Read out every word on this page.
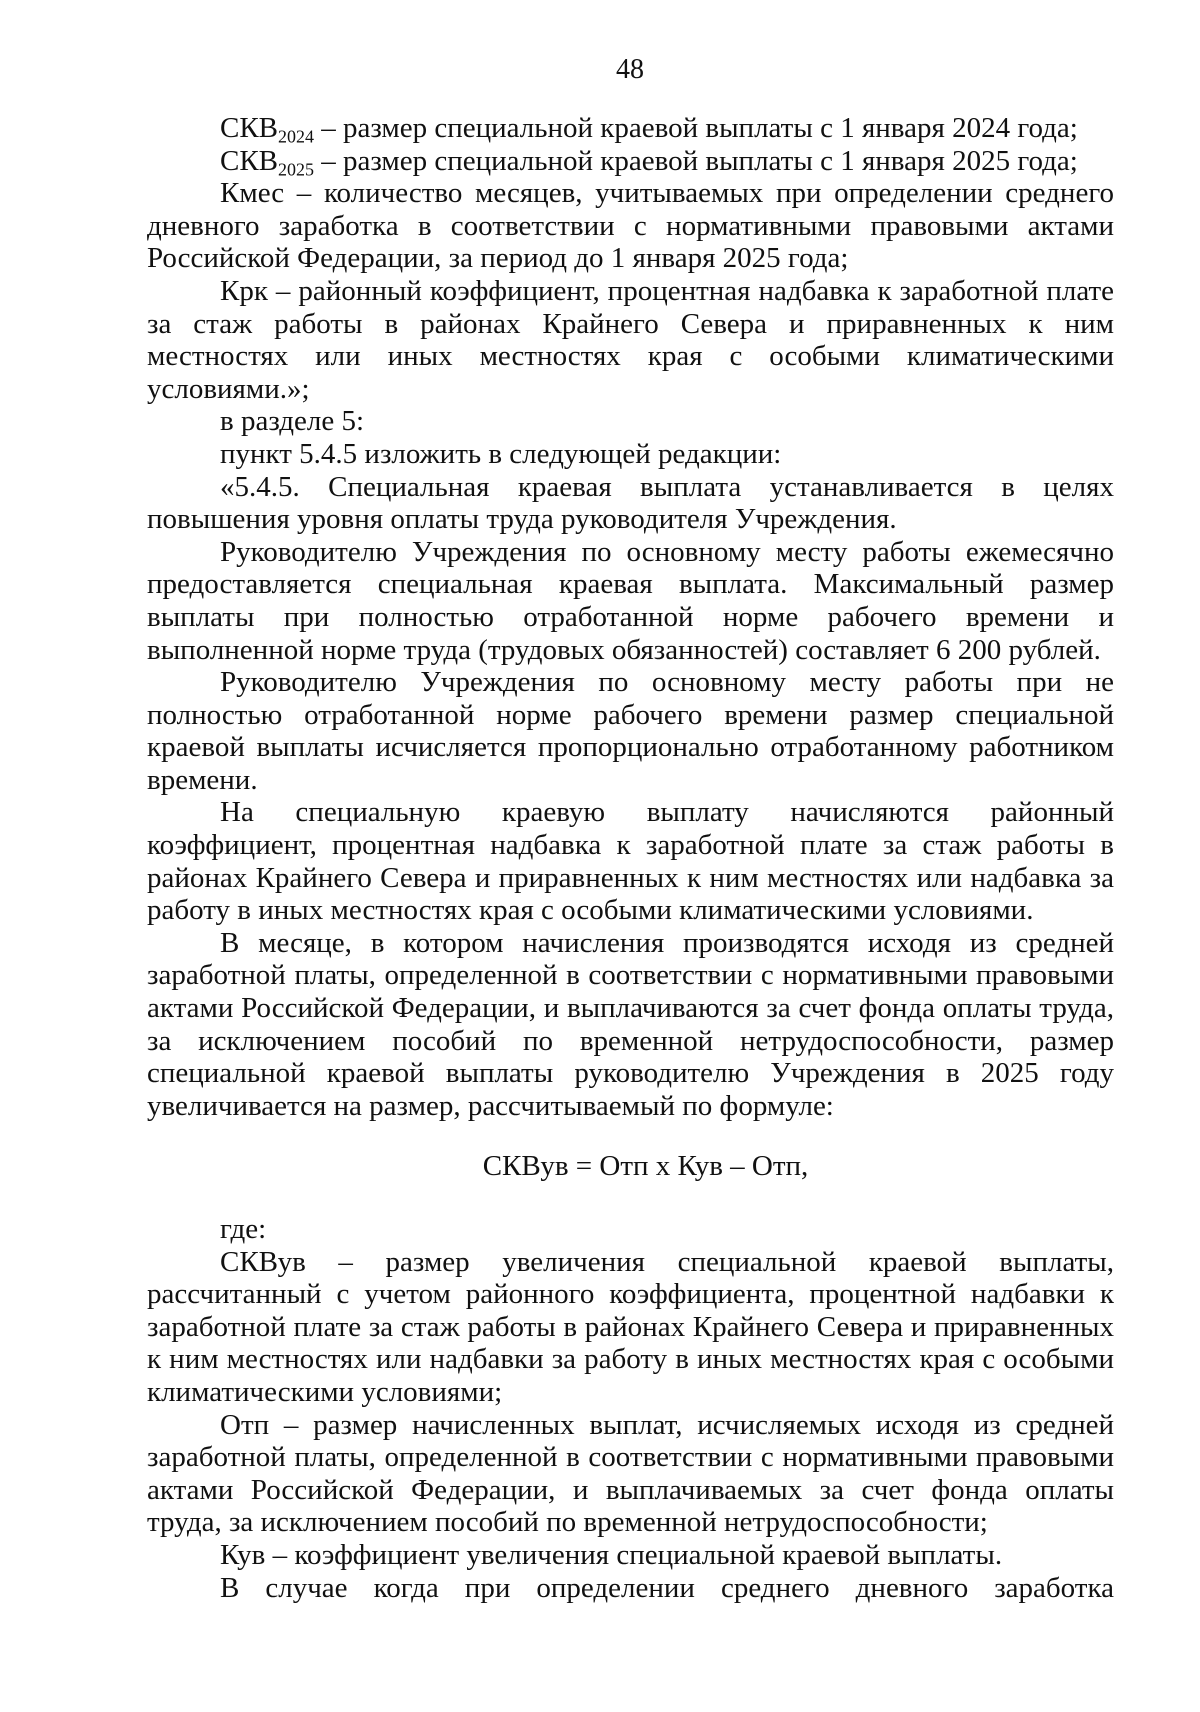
48

$СКВ_{2024}$ – размер специальной краевой выплаты с 1 января 2024 года;

$СКВ_{2025}$ – размер специальной краевой выплаты с 1 января 2025 года;

Кмес – количество месяцев, учитываемых при определении среднего дневного заработка в соответствии с нормативными правовыми актами Российской Федерации, за период до 1 января 2025 года;

Крк – районный коэффициент, процентная надбавка к заработной плате за стаж работы в районах Крайнего Севера и приравненных к ним местностях или иных местностях края с особыми климатическими условиями.»;

в разделе 5:

пункт 5.4.5 изложить в следующей редакции:

«5.4.5. Специальная краевая выплата устанавливается в целях повышения уровня оплаты труда руководителя Учреждения.

Руководителю Учреждения по основному месту работы ежемесячно предоставляется специальная краевая выплата. Максимальный размер выплаты при полностью отработанной норме рабочего времени и выполненной норме труда (трудовых обязанностей) составляет 6 200 рублей.

Руководителю Учреждения по основному месту работы при не полностью отработанной норме рабочего времени размер специальной краевой выплаты исчисляется пропорционально отработанному работником времени.

На специальную краевую выплату начисляются районный коэффициент, процентная надбавка к заработной плате за стаж работы в районах Крайнего Севера и приравненных к ним местностях или надбавка за работу в иных местностях края с особыми климатическими условиями.

В месяце, в котором начисления производятся исходя из средней заработной платы, определенной в соответствии с нормативными правовыми актами Российской Федерации, и выплачиваются за счет фонда оплаты труда, за исключением пособий по временной нетрудоспособности, размер специальной краевой выплаты руководителю Учреждения в 2025 году увеличивается на размер, рассчитываемый по формуле:

СКВув = Отп х Кув – Отп,

где:

СКВув – размер увеличения специальной краевой выплаты, рассчитанный с учетом районного коэффициента, процентной надбавки к заработной плате за стаж работы в районах Крайнего Севера и приравненных к ним местностях или надбавки за работу в иных местностях края с особыми климатическими условиями;

Отп – размер начисленных выплат, исчисляемых исходя из средней заработной платы, определенной в соответствии с нормативными правовыми актами Российской Федерации, и выплачиваемых за счет фонда оплаты труда, за исключением пособий по временной нетрудоспособности;

Кув – коэффициент увеличения специальной краевой выплаты.

В случае когда при определении среднего дневного заработка
